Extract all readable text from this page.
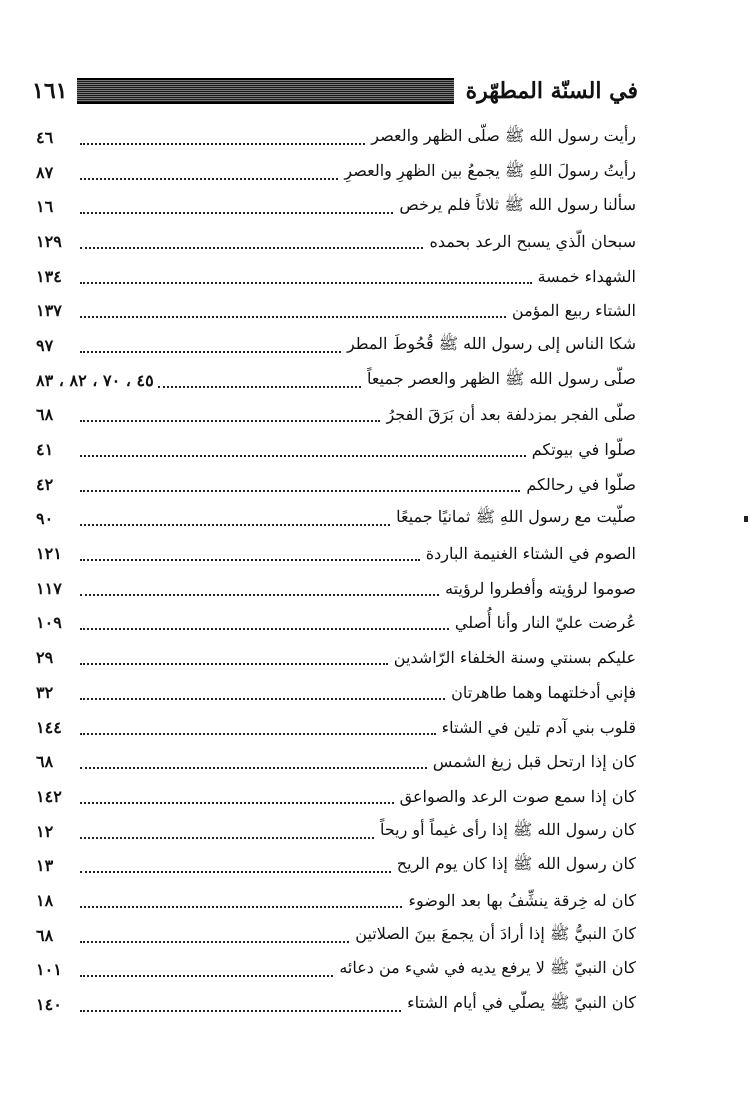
في السنّة المطهّرة
١٦١
رأيت رسول الله ﷺ صلّى الظهر والعصر
٤٦
رأيتُ رسولَ اللهِ ﷺ يجمعُ بين الظهرِ والعصرِ
٨٧
سألنا رسول الله ﷺ ثلاثاً فلم يرخص
١٦
سبحان الّذي يسبح الرعد بحمده
١٢٩
الشهداء خمسة
١٣٤
الشتاء ربيع المؤمن
١٣٧
شكا الناس إلى رسول الله ﷺ قُحُوطَ المطر
٩٧
صلّى رسول الله ﷺ الظهر والعصر جميعاً
٤٥ ، ٧٠ ، ٨٢ ، ٨٣
صلّى الفجر بمزدلفة بعد أن بَرَقَ الفجرُ
٦٨
صلّوا في بيوتكم
٤١
صلّوا في رحالكم
٤٢
صلّيت مع رسول اللهِ ﷺ ثمانيًا جميعًا
٩٠
الصوم في الشتاء الغنيمة الباردة
١٢١
صوموا لرؤيته وأفطروا لرؤيته
١١٧
عُرضت عليّ النار وأنا أُصلي
١٠٩
عليكم بسنتي وسنة الخلفاء الرّاشدين
٢٩
فإني أدخلتهما وهما طاهرتان
٣٢
قلوب بني آدم تلين في الشتاء
١٤٤
كان إذا ارتحل قبل زيغ الشمس
٦٨
كان إذا سمع صوت الرعد والصواعق
١٤٢
كان رسول الله ﷺ إذا رأى غيماً أو ريحاً
١٢
كان رسول الله ﷺ إذا كان يوم الريح
١٣
كان له خِرقة ينشِّفُ بها بعد الوضوء
١٨
كانَ النبيُّ ﷺ إذا أرادَ أن يجمعَ بينَ الصلاتين
٦٨
كان النبيّ ﷺ لا يرفع يديه في شيء من دعائه
١٠١
كان النبيّ ﷺ يصلّي في أيام الشتاء
١٤٠
